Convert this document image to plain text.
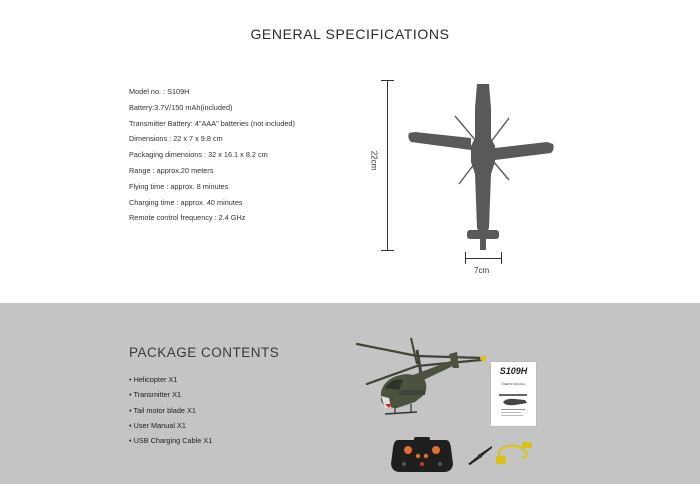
GENERAL SPECIFICATIONS
Model no. : S109H
Battery:3.7V/150 mAh(included)
Transmitter Battery: 4"AAA" batteries (not included)
Dimensions : 22 x 7 x 9.8 cm
Packaging dimensions : 32 x 16.1 x 8.2 cm
Range : approx.20 meters
Flying time : approx. 8 minutes
Charging time : approx. 40 minutes
Remote control frequency : 2.4 GHz
22cm
7cm
PACKAGE CONTENTS
• Helicopter X1
• Transmitter X1
• Tail motor blade X1
• User Manual X1
• USB Charging Cable X1
S109H
USER'S MANUAL
